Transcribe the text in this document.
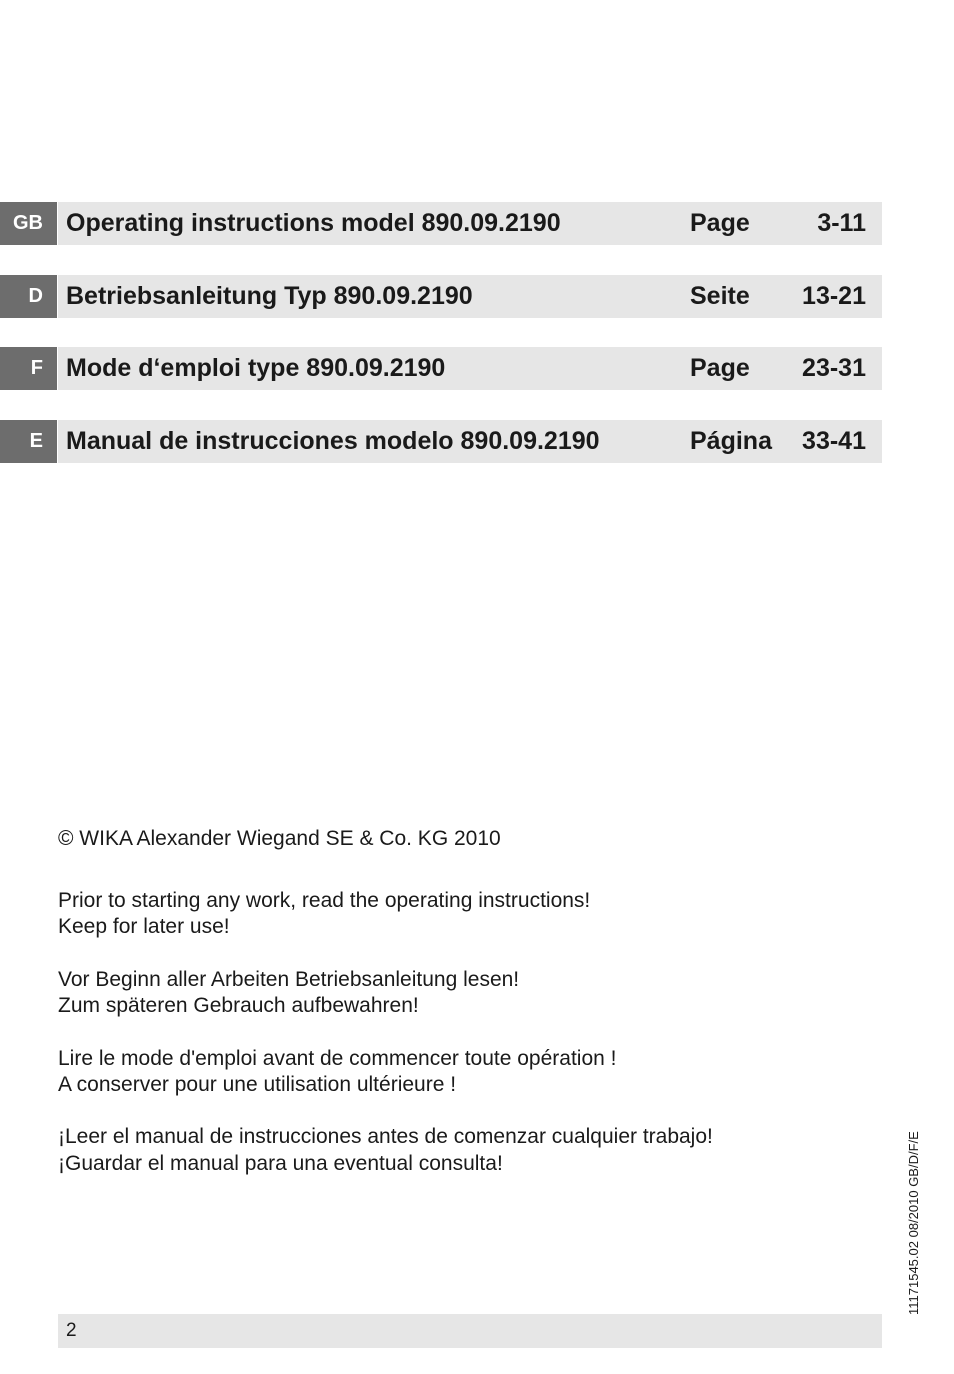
GB Operating instructions model 890.09.2190	Page	3-11
D Betriebsanleitung Typ 890.09.2190	Seite 13-21
F Mode d‘emploi type 890.09.2190	Page 23-31
E Manual de instrucciones modelo 890.09.2190	Página 33-41
© WIKA Alexander Wiegand SE & Co. KG 2010
Prior to starting any work, read the operating instructions!
Keep for later use!
Vor Beginn aller Arbeiten Betriebsanleitung lesen!
Zum späteren Gebrauch aufbewahren!
Lire le mode d'emploi avant de commencer toute opération !
A conserver pour une utilisation ultérieure !
¡Leer el manual de instrucciones antes de comenzar cualquier trabajo!
¡Guardar el manual para una eventual consulta!	11171545.02 08/2010 GB/D/F/E
2
